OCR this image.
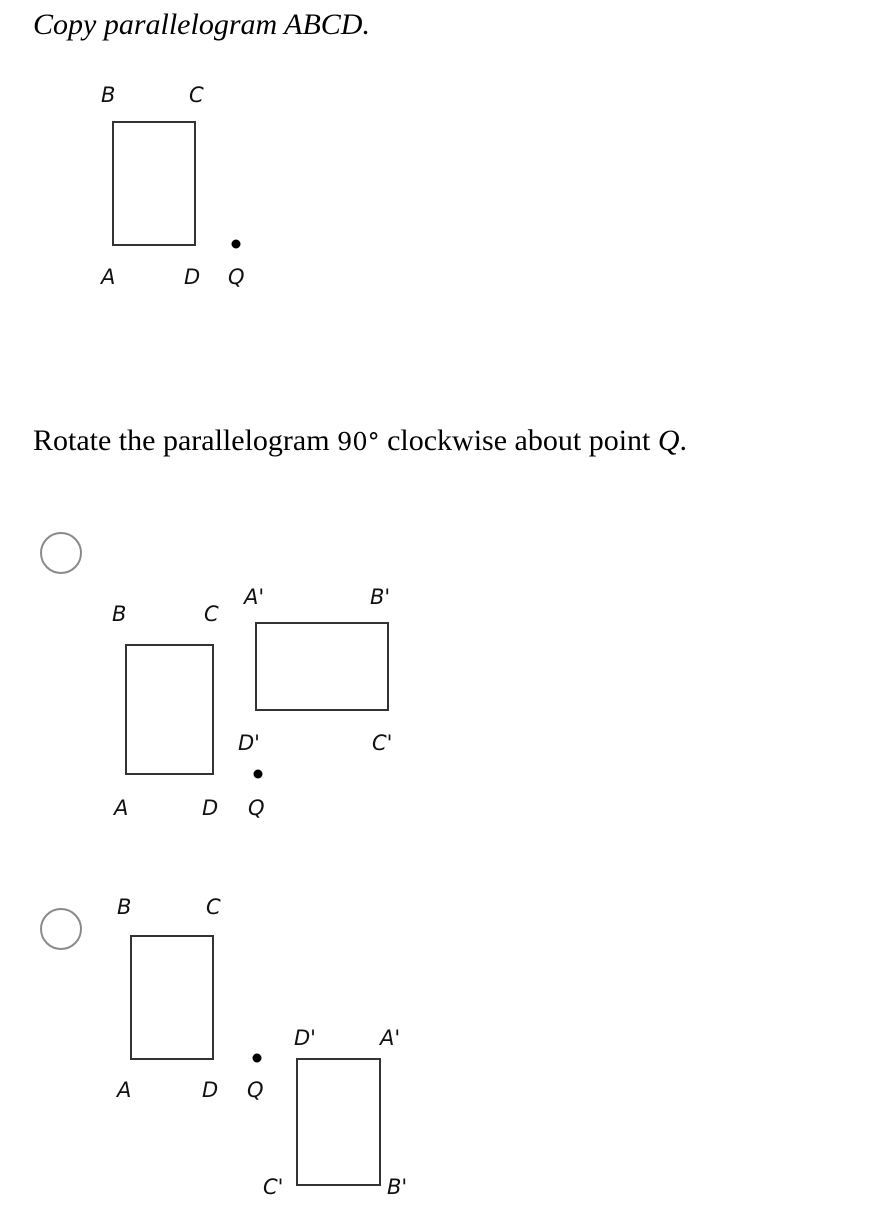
Copy parallelogram ABCD.
B	C
A	D Q

Rotate the parallelogram 90° clockwise about point Q.

B	C
A	D Q
A'	B'
D'	C'
B	C
A	D Q
D'	A'
C'	B'
